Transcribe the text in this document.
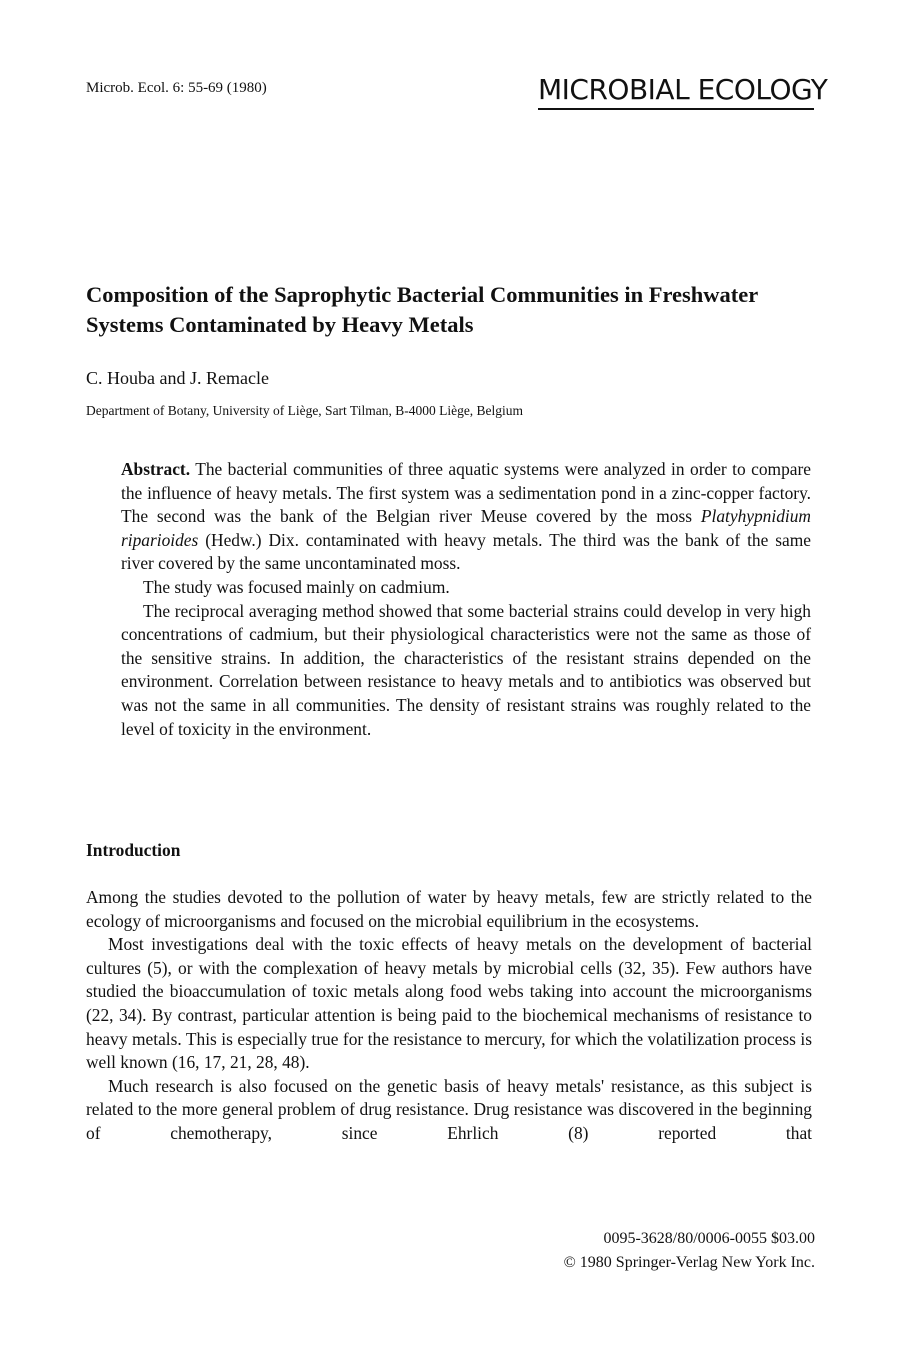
Microb. Ecol. 6: 55-69 (1980)	MICROBIAL ECOLOGY
Composition of the Saprophytic Bacterial Communities in Freshwater Systems Contaminated by Heavy Metals
C. Houba and J. Remacle
Department of Botany, University of Liège, Sart Tilman, B-4000 Liège, Belgium

Abstract. The bacterial communities of three aquatic systems were analyzed in order to compare the influence of heavy metals. The first system was a sedimentation pond in a zinc-copper factory. The second was the bank of the Belgian river Meuse covered by the moss Platyhypnidium riparioides (Hedw.) Dix. contaminated with heavy metals. The third was the bank of the same river covered by the same uncontaminated moss.

The study was focused mainly on cadmium.

The reciprocal averaging method showed that some bacterial strains could develop in very high concentrations of cadmium, but their physiological characteristics were not the same as those of the sensitive strains. In addition, the characteristics of the resistant strains depended on the environment. Correlation between resistance to heavy metals and to antibiotics was observed but was not the same in all communities. The density of resistant strains was roughly related to the level of toxicity in the environment.

Introduction

Among the studies devoted to the pollution of water by heavy metals, few are strictly related to the ecology of microorganisms and focused on the microbial equilibrium in the ecosystems.

Most investigations deal with the toxic effects of heavy metals on the development of bacterial cultures (5), or with the complexation of heavy metals by microbial cells (32, 35). Few authors have studied the bioaccumulation of toxic metals along food webs taking into account the microorganisms (22, 34). By contrast, particular attention is being paid to the biochemical mechanisms of resistance to heavy metals. This is especially true for the resistance to mercury, for which the volatilization process is well known (16, 17, 21, 28, 48).

Much research is also focused on the genetic basis of heavy metals' resistance, as this subject is related to the more general problem of drug resistance. Drug resistance was discovered in the beginning of chemotherapy, since Ehrlich (8) reported that

0095-3628/80/0006-0055 $03.00
© 1980 Springer-Verlag New York Inc.
